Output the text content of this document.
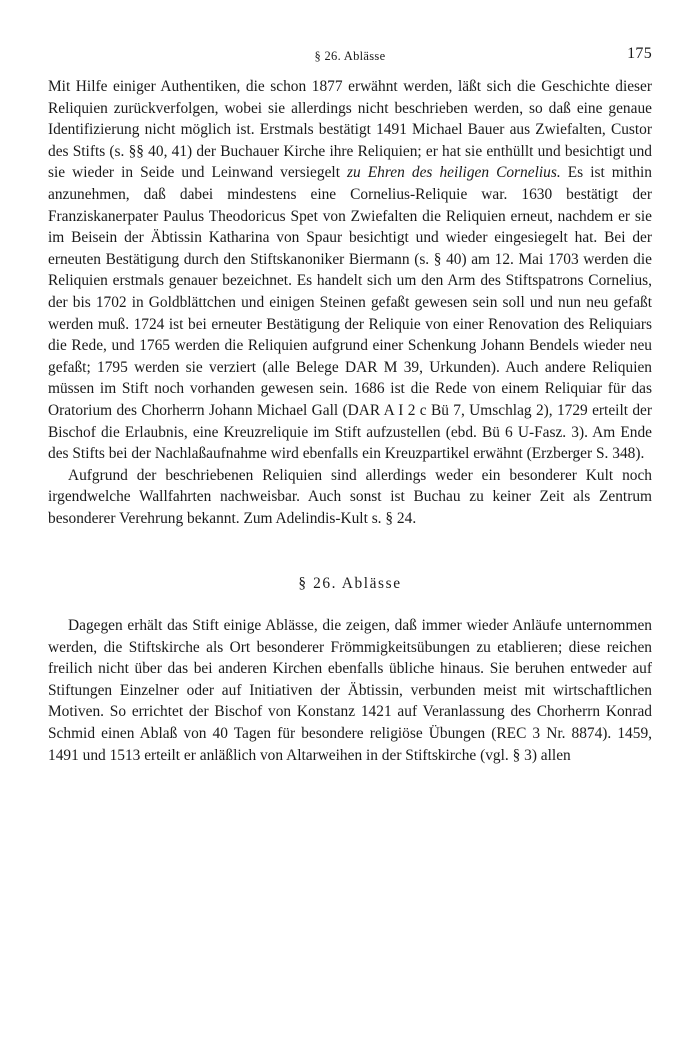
§ 26. Ablässe	175

Mit Hilfe einiger Authentiken, die schon 1877 erwähnt werden, läßt sich die Geschichte dieser Reliquien zurückverfolgen, wobei sie allerdings nicht beschrieben werden, so daß eine genaue Identifizierung nicht möglich ist. Erstmals bestätigt 1491 Michael Bauer aus Zwiefalten, Custor des Stifts (s. §§ 40, 41) der Buchauer Kirche ihre Reliquien; er hat sie enthüllt und besichtigt und sie wieder in Seide und Leinwand versiegelt zu Ehren des heiligen Cornelius. Es ist mithin anzunehmen, daß dabei mindestens eine Cornelius-Reliquie war. 1630 bestätigt der Franziskanerpater Paulus Theodoricus Spet von Zwiefalten die Reliquien erneut, nachdem er sie im Beisein der Äbtissin Katharina von Spaur besichtigt und wieder eingesiegelt hat. Bei der erneuten Bestätigung durch den Stiftskanoniker Biermann (s. § 40) am 12. Mai 1703 werden die Reliquien erstmals genauer bezeichnet. Es handelt sich um den Arm des Stiftspatrons Cornelius, der bis 1702 in Goldblättchen und einigen Steinen gefaßt gewesen sein soll und nun neu gefaßt werden muß. 1724 ist bei erneuter Bestätigung der Reliquie von einer Renovation des Reliquiars die Rede, und 1765 werden die Reliquien aufgrund einer Schenkung Johann Bendels wieder neu gefaßt; 1795 werden sie verziert (alle Belege DAR M 39, Urkunden). Auch andere Reliquien müssen im Stift noch vorhanden gewesen sein. 1686 ist die Rede von einem Reliquiar für das Oratorium des Chorherrn Johann Michael Gall (DAR A I 2 c Bü 7, Umschlag 2), 1729 erteilt der Bischof die Erlaubnis, eine Kreuzreliquie im Stift aufzustellen (ebd. Bü 6 U-Fasz. 3). Am Ende des Stifts bei der Nachlaßaufnahme wird ebenfalls ein Kreuzpartikel erwähnt (Erzberger S. 348).

Aufgrund der beschriebenen Reliquien sind allerdings weder ein besonderer Kult noch irgendwelche Wallfahrten nachweisbar. Auch sonst ist Buchau zu keiner Zeit als Zentrum besonderer Verehrung bekannt. Zum Adelindis-Kult s. § 24.

§ 26. Ablässe

Dagegen erhält das Stift einige Ablässe, die zeigen, daß immer wieder Anläufe unternommen werden, die Stiftskirche als Ort besonderer Frömmigkeitsübungen zu etablieren; diese reichen freilich nicht über das bei anderen Kirchen ebenfalls übliche hinaus. Sie beruhen entweder auf Stiftungen Einzelner oder auf Initiativen der Äbtissin, verbunden meist mit wirtschaftlichen Motiven. So errichtet der Bischof von Konstanz 1421 auf Veranlassung des Chorherrn Konrad Schmid einen Ablaß von 40 Tagen für besondere religiöse Übungen (REC 3 Nr. 8874). 1459, 1491 und 1513 erteilt er anläßlich von Altarweihen in der Stiftskirche (vgl. § 3) allen
